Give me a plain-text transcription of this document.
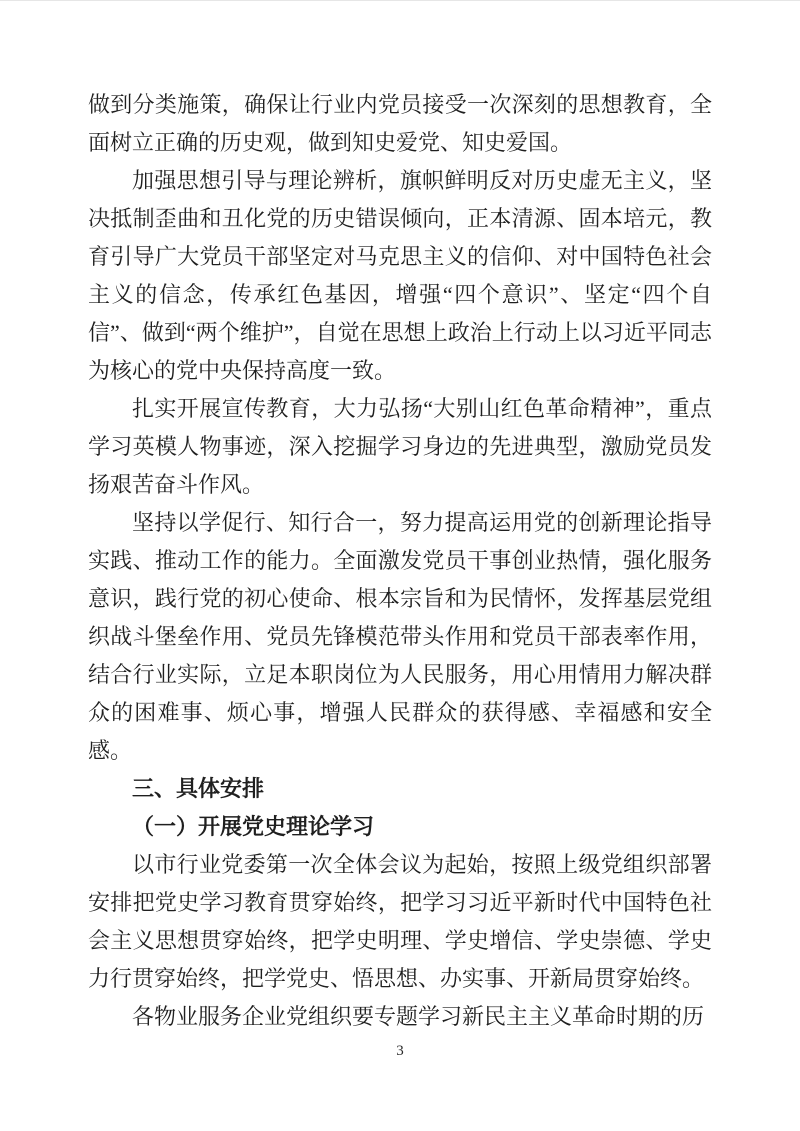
做到分类施策，确保让行业内党员接受一次深刻的思想教育，全面树立正确的历史观，做到知史爱党、知史爱国。

加强思想引导与理论辨析，旗帜鲜明反对历史虚无主义，坚决抵制歪曲和丑化党的历史错误倾向，正本清源、固本培元，教育引导广大党员干部坚定对马克思主义的信仰、对中国特色社会主义的信念，传承红色基因，增强“四个意识”、坚定“四个自信”、做到“两个维护”，自觉在思想上政治上行动上以习近平同志为核心的党中央保持高度一致。

扎实开展宣传教育，大力弘扬“大别山红色革命精神”，重点学习英模人物事迹，深入挖掘学习身边的先进典型，激励党员发扬艰苦奋斗作风。

坚持以学促行、知行合一，努力提高运用党的创新理论指导实践、推动工作的能力。全面激发党员干事创业热情，强化服务意识，践行党的初心使命、根本宗旨和为民情怀，发挥基层党组织战斗堡垒作用、党员先锋模范带头作用和党员干部表率作用，结合行业实际，立足本职岗位为人民服务，用心用情用力解决群众的困难事、烦心事，增强人民群众的获得感、幸福感和安全感。

三、具体安排

（一）开展党史理论学习

以市行业党委第一次全体会议为起始，按照上级党组织部署安排把党史学习教育贯穿始终，把学习习近平新时代中国特色社会主义思想贯穿始终，把学史明理、学史增信、学史崇德、学史力行贯穿始终，把学党史、悟思想、办实事、开新局贯穿始终。

各物业服务企业党组织要专题学习新民主主义革命时期的历

3
